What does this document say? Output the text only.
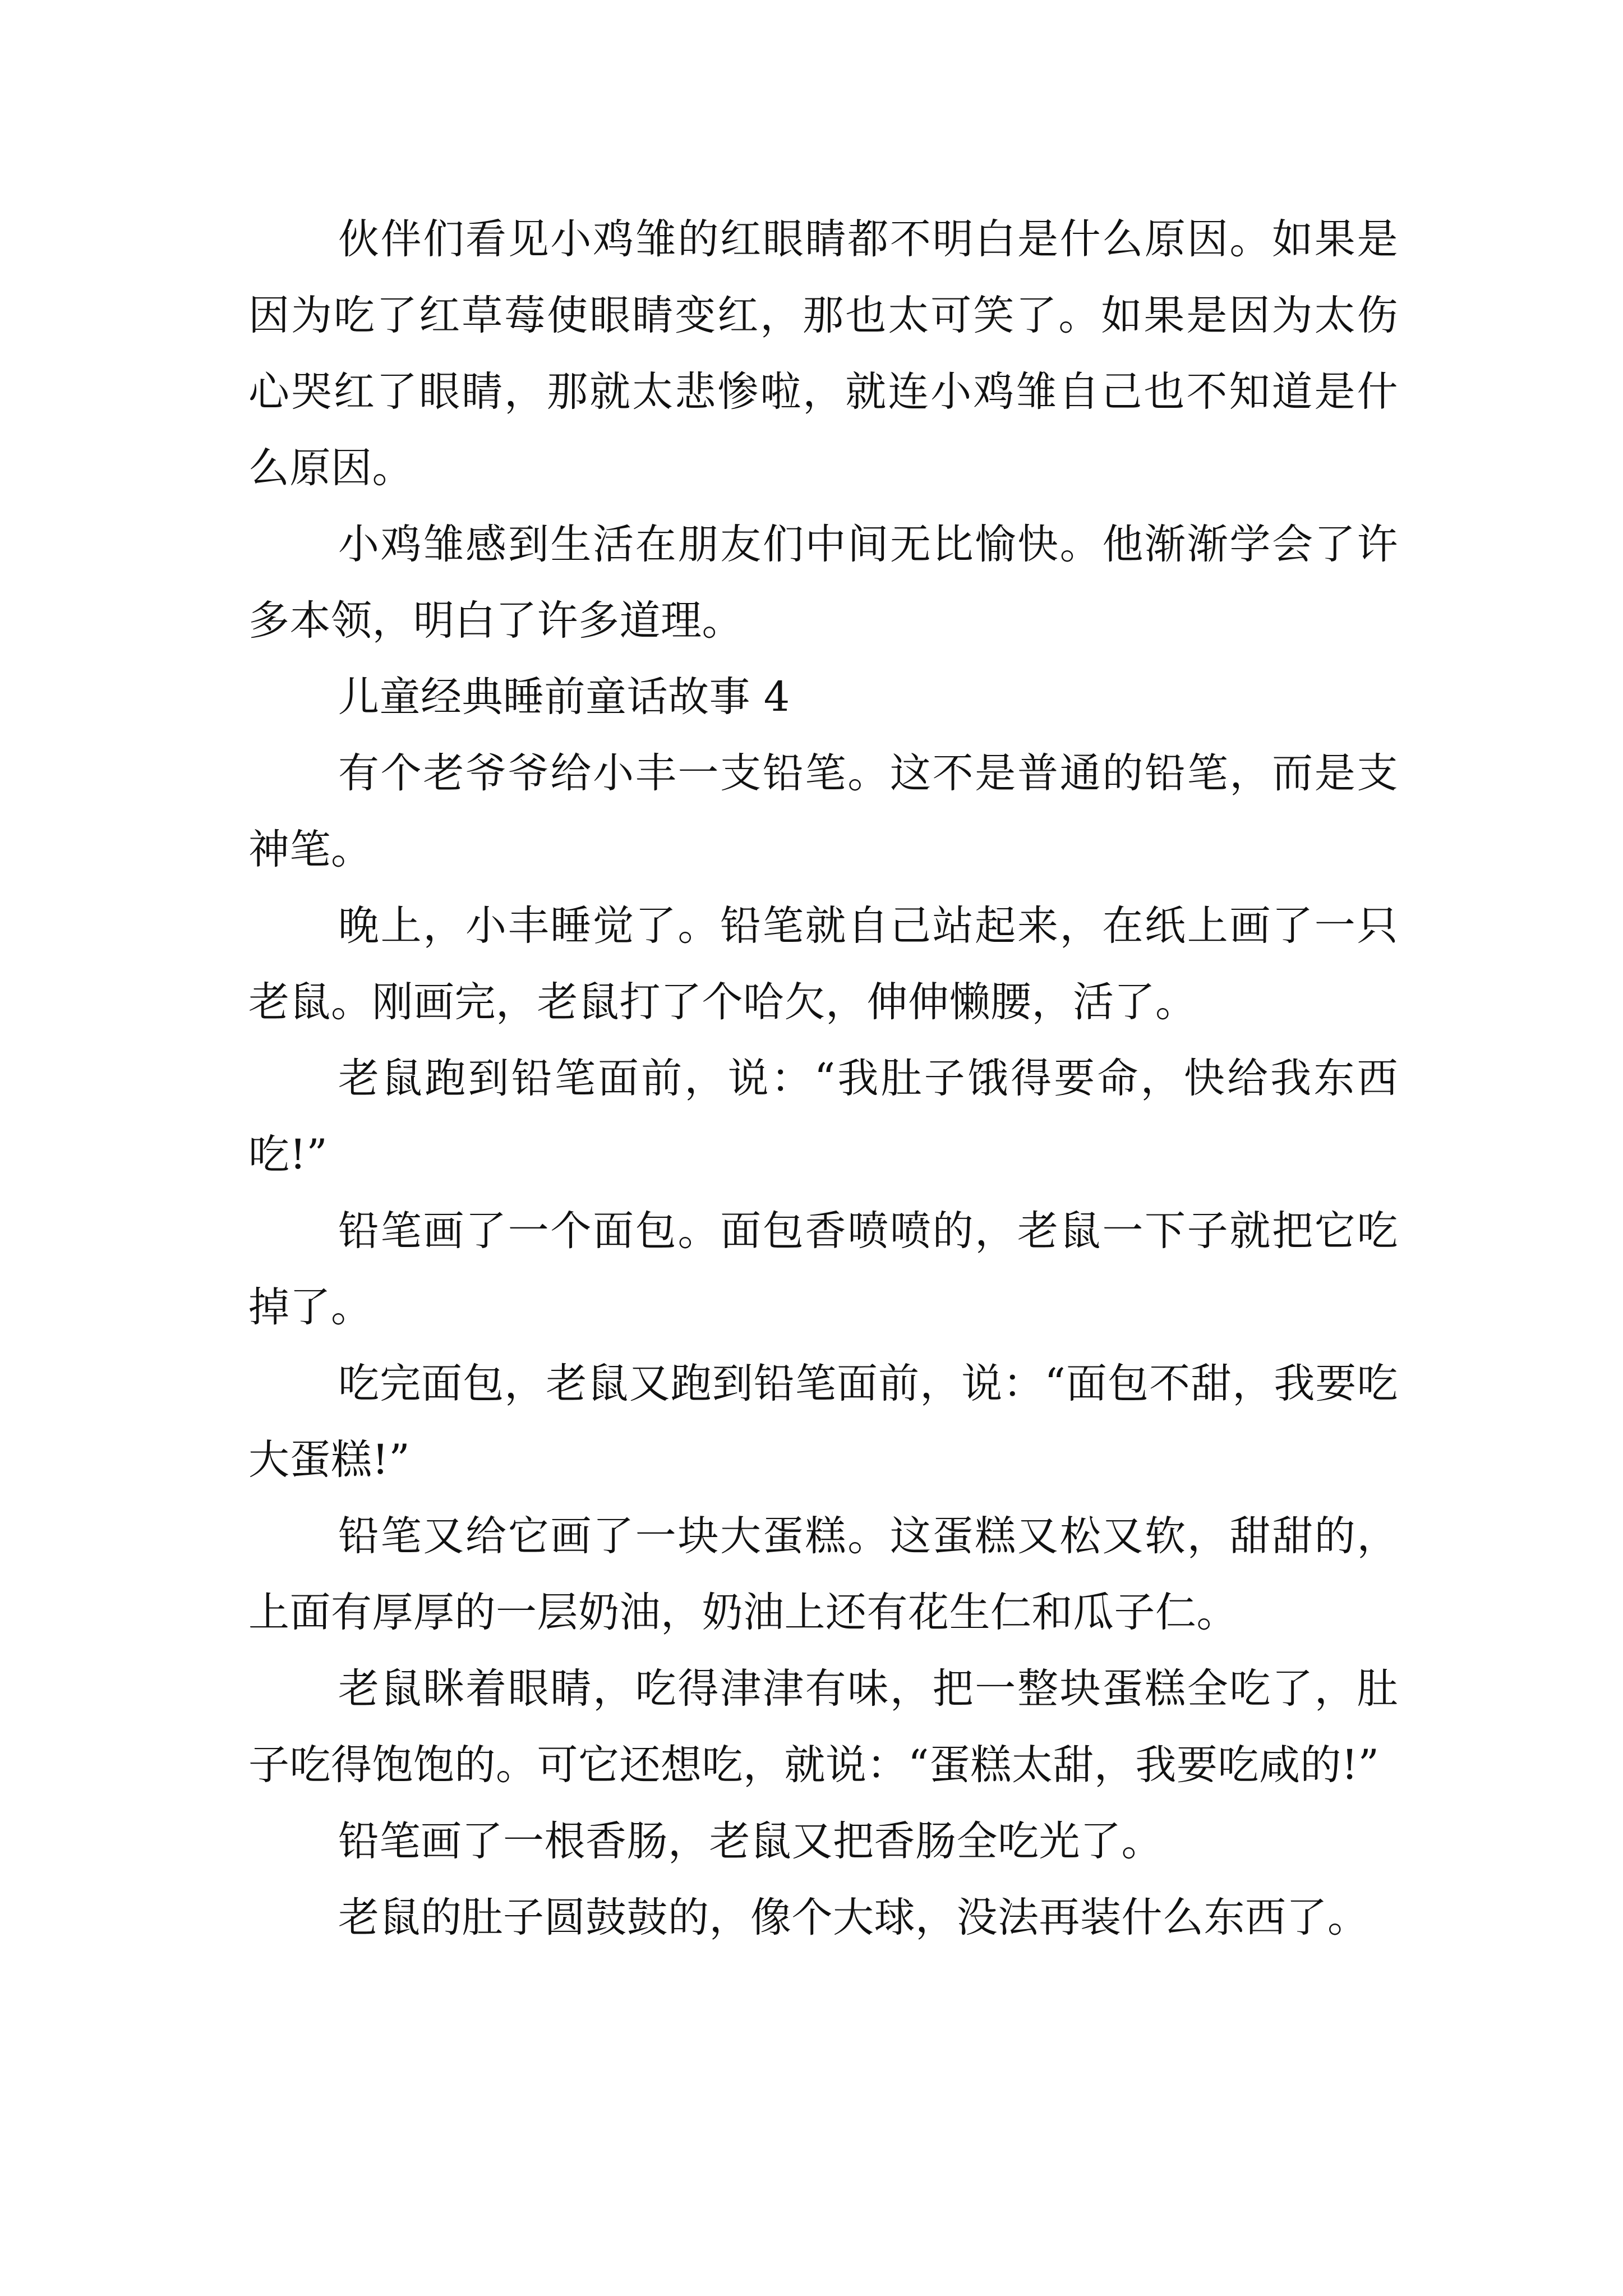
伙伴们看见小鸡雏的红眼睛都不明白是什么原因。如果是因为吃了红草莓使眼睛变红，那也太可笑了。如果是因为太伤心哭红了眼睛，那就太悲惨啦，就连小鸡雏自己也不知道是什么原因。

小鸡雏感到生活在朋友们中间无比愉快。他渐渐学会了许多本领，明白了许多道理。

儿童经典睡前童话故事 4

有个老爷爷给小丰一支铅笔。这不是普通的铅笔，而是支神笔。

晚上，小丰睡觉了。铅笔就自己站起来，在纸上画了一只老鼠。刚画完，老鼠打了个哈欠，伸伸懒腰，活了。

老鼠跑到铅笔面前，说：“我肚子饿得要命，快给我东西吃!”

铅笔画了一个面包。面包香喷喷的，老鼠一下子就把它吃掉了。

吃完面包，老鼠又跑到铅笔面前，说：“面包不甜，我要吃大蛋糕!”

铅笔又给它画了一块大蛋糕。这蛋糕又松又软，甜甜的，上面有厚厚的一层奶油，奶油上还有花生仁和瓜子仁。

老鼠眯着眼睛，吃得津津有味，把一整块蛋糕全吃了，肚子吃得饱饱的。可它还想吃，就说：“蛋糕太甜，我要吃咸的!”

铅笔画了一根香肠，老鼠又把香肠全吃光了。

老鼠的肚子圆鼓鼓的，像个大球，没法再装什么东西了。
